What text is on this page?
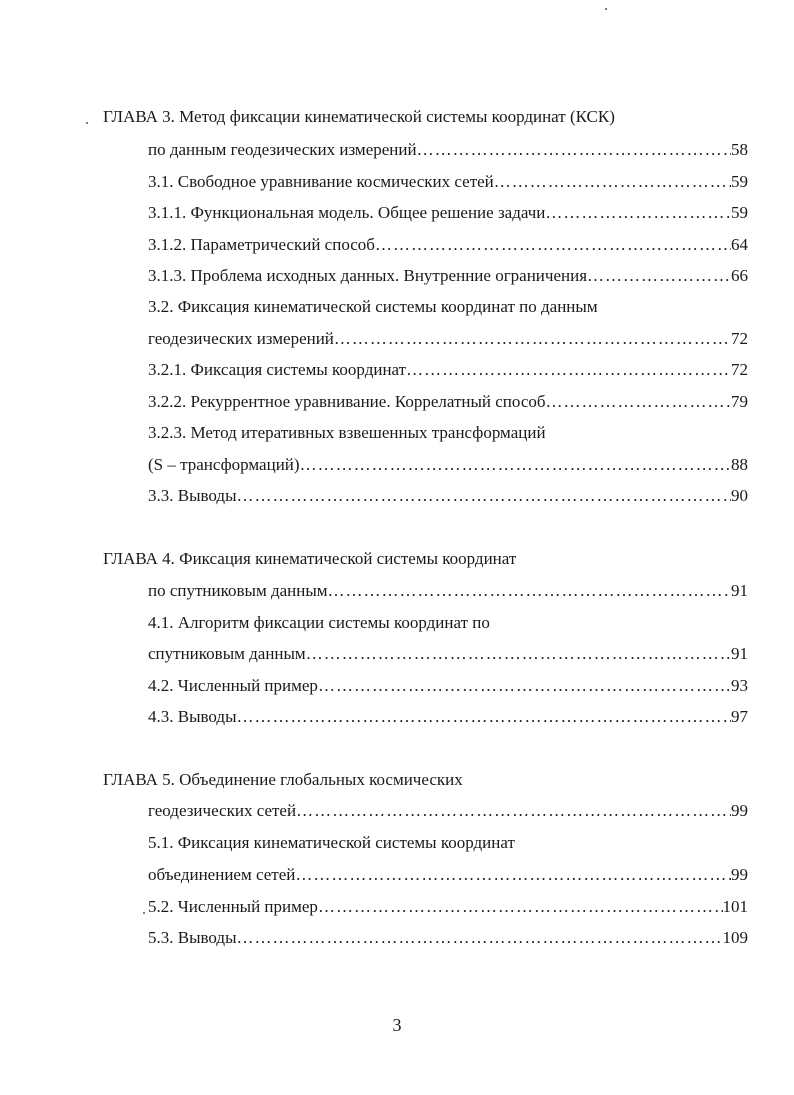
ГЛАВА 3. Метод фиксации кинематической системы координат (КСК)
по данным геодезических измерений …………………………………………………………………………………………………………………………………………………………………………………	58
3.1. Свободное уравнивание космических сетей …………………………………………………………………………………………………………………………………………………………………………………	59
3.1.1. Функциональная модель. Общее решение задачи …………………………………………………………………………………………………………………………………………………………………………………	59
3.1.2. Параметрический способ …………………………………………………………………………………………………………………………………………………………………………………	64
3.1.3. Проблема исходных данных. Внутренние ограничения …………………………………………………………………………………………………………………………………………………………………………………	66
3.2. Фиксация кинематической системы координат по данным
геодезических измерений …………………………………………………………………………………………………………………………………………………………………………………	72
3.2.1. Фиксация системы координат …………………………………………………………………………………………………………………………………………………………………………………	72
3.2.2. Рекуррентное уравнивание. Коррелатный способ …………………………………………………………………………………………………………………………………………………………………………………	79
3.2.3. Метод итеративных взвешенных трансформаций
(S – трансформаций) …………………………………………………………………………………………………………………………………………………………………………………	88
3.3. Выводы …………………………………………………………………………………………………………………………………………………………………………………	90
ГЛАВА 4. Фиксация кинематической системы координат
по спутниковым данным …………………………………………………………………………………………………………………………………………………………………………………	91
4.1. Алгоритм фиксации системы координат по
спутниковым данным …………………………………………………………………………………………………………………………………………………………………………………	91
4.2. Численный пример …………………………………………………………………………………………………………………………………………………………………………………	93
4.3. Выводы …………………………………………………………………………………………………………………………………………………………………………………	97
ГЛАВА 5. Объединение глобальных космических
геодезических сетей …………………………………………………………………………………………………………………………………………………………………………………	99
5.1. Фиксация кинематической системы координат
объединением сетей …………………………………………………………………………………………………………………………………………………………………………………	99
5.2. Численный пример …………………………………………………………………………………………………………………………………………………………………………………	101
5.3. Выводы …………………………………………………………………………………………………………………………………………………………………………………	109
3
